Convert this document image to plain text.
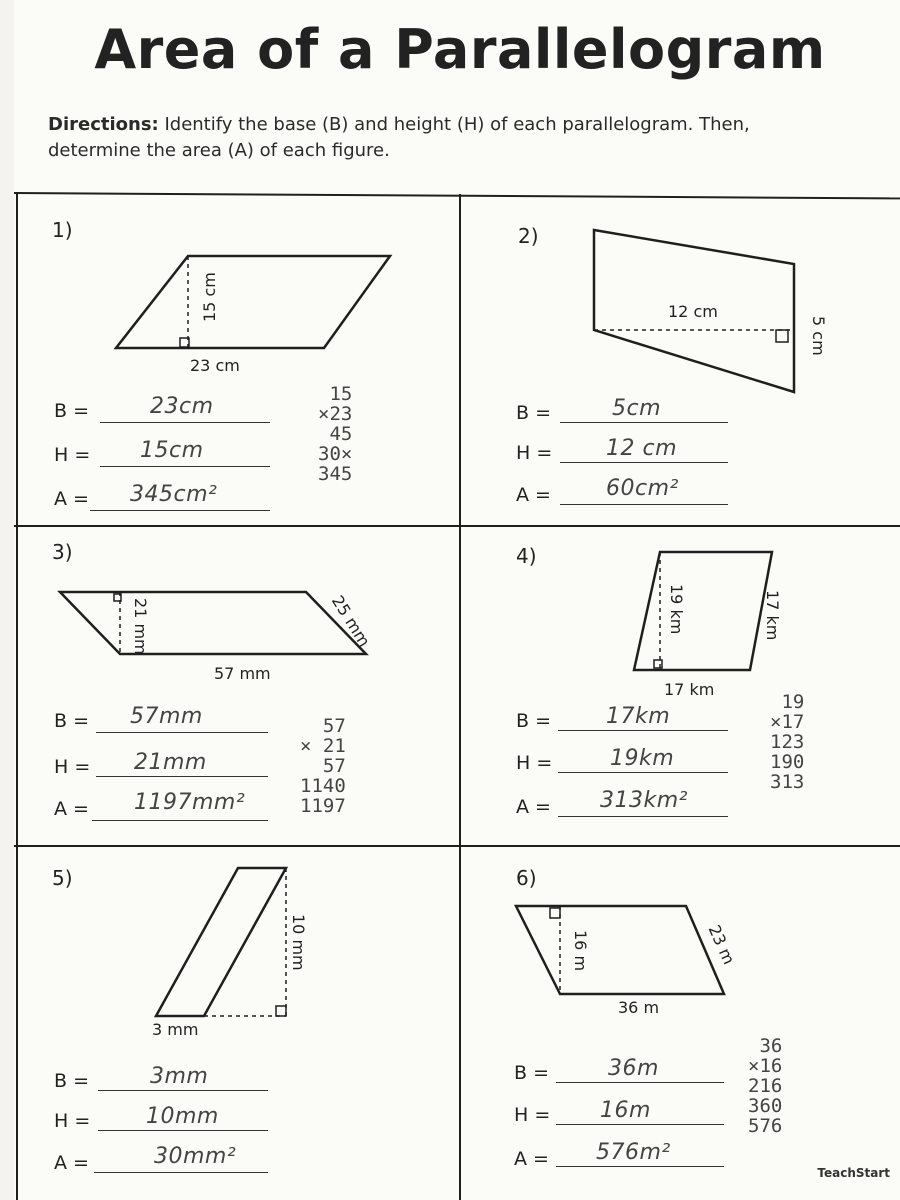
Area of a Parallelogram
Directions: Identify the base (B) and height (H) of each parallelogram. Then, determine the area (A) of each figure.
1)	2)
3)	4)
5)	6)
23 cm
15 cm	12 cm
5 cm
57 mm
21 mm	25 mm
17 km
19 km	17 km
3 mm
10 mm
36 m
16 m	23 m
B =	23cm
H = 15cm
A = 345cm²
15
×23
45
30×
345
B =	5cm
H = 12 cm
A =	60cm²
B = 57mm
H = 21mm
A = 1197mm²
57
× 21
57
1140
1197
B =	17km
H =	19km
A = 313km²
19
×17
123
190
313
B =	3mm
H =	10mm
A =	30mm²
B =	36m
H = 16m
A = 576m²
36
×16
216
360
576
TeachStart
